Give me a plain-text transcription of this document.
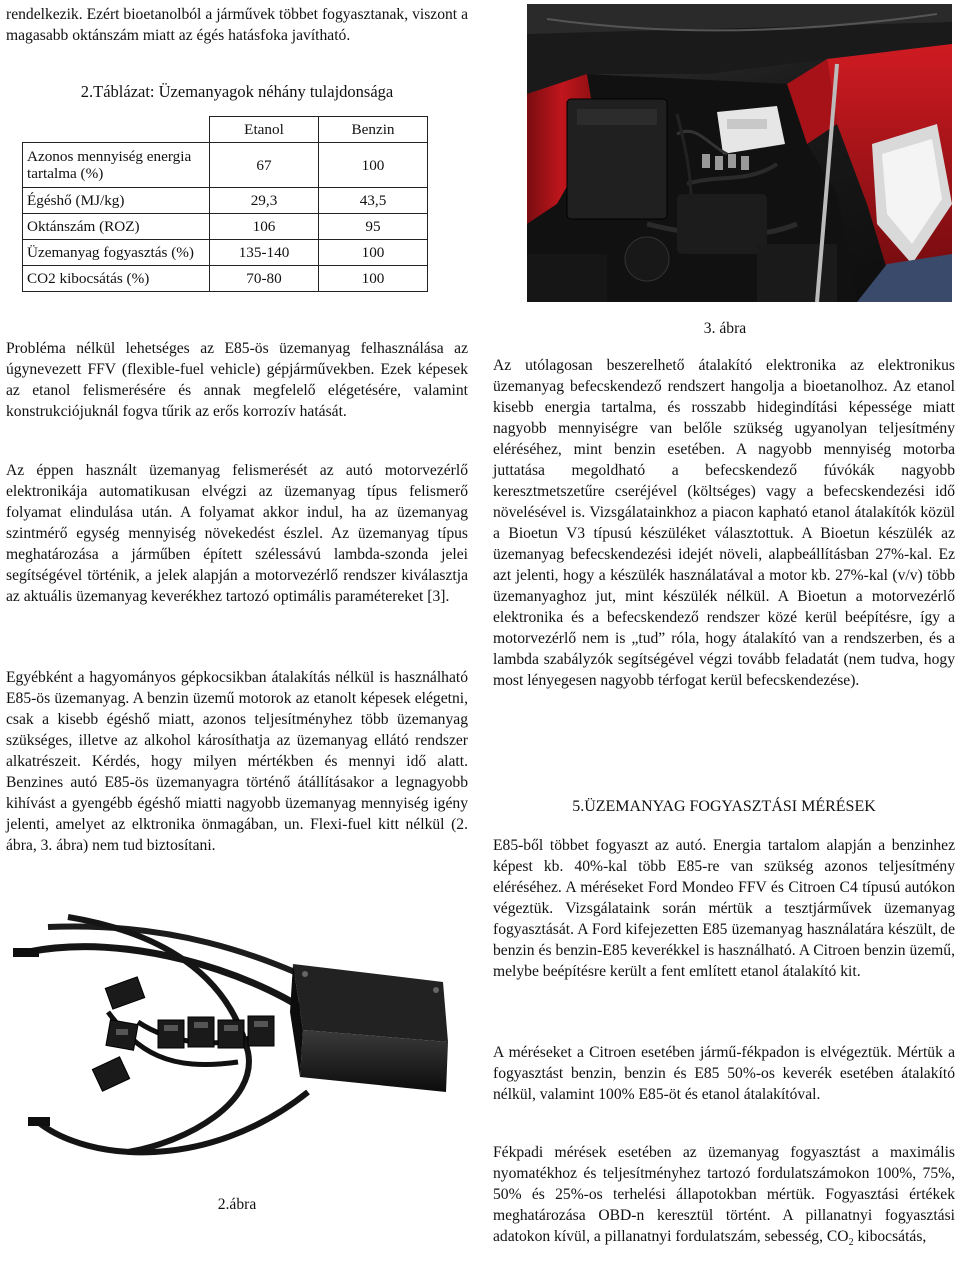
rendelkezik. Ezért bioetanolból a járművek többet fogyasztanak, viszont a magasabb oktánszám miatt az égés hatásfoka javítható.

2.Táblázat: Üzemanyagok néhány tulajdonsága
	Etanol	Benzin
Azonos mennyiség energia tartalma (%)	67	100
Égéshő (MJ/kg)	29,3	43,5
Oktánszám (ROZ)	106	95
Üzemanyag fogyasztás (%)	135-140	100
CO2 kibocsátás (%)	70-80	100

Probléma nélkül lehetséges az E85-ös üzemanyag felhasználása az úgynevezett FFV (flexible-fuel vehicle) gépjárművekben. Ezek képesek az etanol felismerésére és annak megfelelő elégetésére, valamint konstrukciójuknál fogva tűrik az erős korrozív hatását.

Az éppen használt üzemanyag felismerését az autó motorvezérlő elektronikája automatikusan elvégzi az üzemanyag típus felismerő folyamat elindulása után. A folyamat akkor indul, ha az üzemanyag szintmérő egység mennyiség növekedést észlel. Az üzemanyag típus meghatározása a járműben épített szélessávú lambda-szonda jelei segítségével történik, a jelek alapján a motorvezérlő rendszer kiválasztja az aktuális üzemanyag keverékhez tartozó optimális paramétereket [3].

Egyébként a hagyományos gépkocsikban átalakítás nélkül is használható E85-ös üzemanyag. A benzin üzemű motorok az etanolt képesek elégetni, csak a kisebb égéshő miatt, azonos teljesítményhez több üzemanyag szükséges, illetve az alkohol károsíthatja az üzemanyag ellátó rendszer alkatrészeit. Kérdés, hogy milyen mértékben és mennyi idő alatt. Benzines autó E85-ös üzemanyagra történő átállításakor a legnagyobb kihívást a gyengébb égéshő miatti nagyobb üzemanyag mennyiség igény jelenti, amelyet az elktronika önmagában, un. Flexi-fuel kitt nélkül (2. ábra, 3. ábra) nem tud biztosítani.

2.ábra
3. ábra

Az utólagosan beszerelhető átalakító elektronika az elektronikus üzemanyag befecskendező rendszert hangolja a bioetanolhoz. Az etanol kisebb energia tartalma, és rosszabb hidegindítási képessége miatt nagyobb mennyiségre van belőle szükség ugyanolyan teljesítmény eléréséhez, mint benzin esetében. A nagyobb mennyiség motorba juttatása megoldható a befecskendező fúvókák nagyobb keresztmetszetűre cseréjével (költséges) vagy a befecskendezési idő növelésével is. Vizsgálatainkhoz a piacon kapható etanol átalakítók közül a Bioetun V3 típusú készüléket választottuk. A Bioetun készülék az üzemanyag befecskendezési idejét növeli, alapbeállításban 27%-kal. Ez azt jelenti, hogy a készülék használatával a motor kb. 27%-kal (v/v) több üzemanyaghoz jut, mint készülék nélkül. A Bioetun a motorvezérlő elektronika és a befecskendező rendszer közé kerül beépítésre, így a motorvezérlő nem is „tud” róla, hogy átalakító van a rendszerben, és a lambda szabályzók segítségével végzi tovább feladatát (nem tudva, hogy most lényegesen nagyobb térfogat kerül befecskendezése).

5.ÜZEMANYAG FOGYASZTÁSI MÉRÉSEK

E85-ből többet fogyaszt az autó. Energia tartalom alapján a benzinhez képest kb. 40%-kal több E85-re van szükség azonos teljesítmény eléréséhez. A méréseket Ford Mondeo FFV és Citroen C4 típusú autókon végeztük. Vizsgálataink során mértük a tesztjárművek üzemanyag fogyasztását. A Ford kifejezetten E85 üzemanyag használatára készült, de benzin és benzin-E85 keverékkel is használható. A Citroen benzin üzemű, melybe beépítésre került a fent említett etanol átalakító kit.

A méréseket a Citroen esetében jármű-fékpadon is elvégeztük. Mértük a fogyasztást benzin, benzin és E85 50%-os keverék esetében átalakító nélkül, valamint 100% E85-öt és etanol átalakítóval.

Fékpadi mérések esetében az üzemanyag fogyasztást a maximális nyomatékhoz és teljesítményhez tartozó fordulatszámokon 100%, 75%, 50% és 25%-os terhelési állapotokban mértük. Fogyasztási értékek meghatározása OBD-n keresztül történt. A pillanatnyi fogyasztási adatokon kívül, a pillanatnyi fordulatszám, sebesség, $CO_2$ kibocsátás,
